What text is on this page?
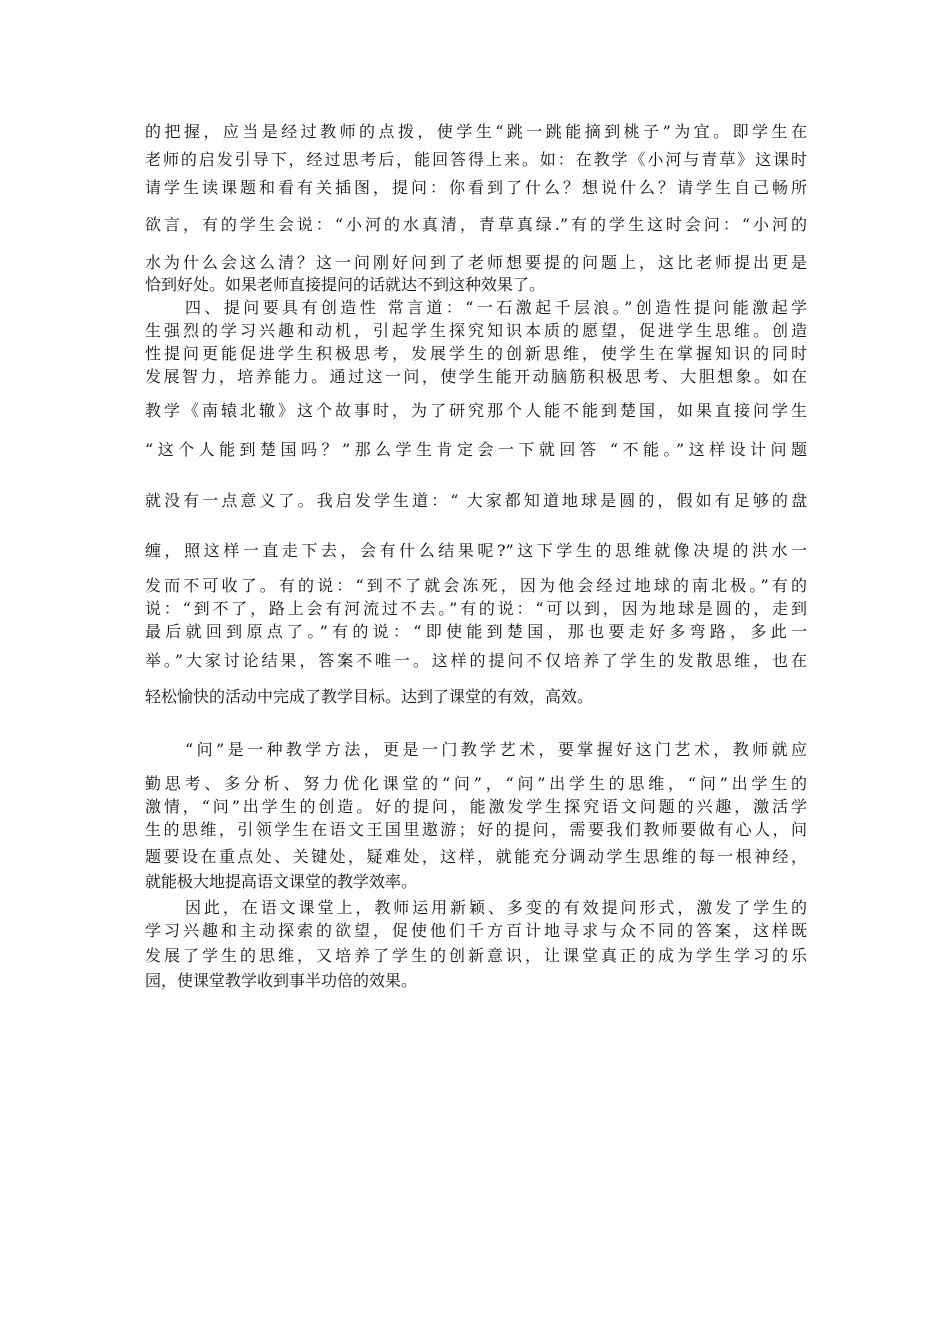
的把握，应当是经过教师的点拨，使学生“跳一跳能摘到桃子”为宜。即学生在

老师的启发引导下，经过思考后，能回答得上来。如：在教学《小河与青草》这课时

请学生读课题和看有关插图，提问：你看到了什么？想说什么？请学生自己畅所

欲言，有的学生会说：“小河的水真清，青草真绿.”有的学生这时会问：“小河的

水为什么会这么清？这一问刚好问到了老师想要提的问题上，这比老师提出更是

恰到好处。如果老师直接提问的话就达不到这种效果了。

四、提问要具有创造性 常言道：“一石激起千层浪。”创造性提问能激起学

生强烈的学习兴趣和动机，引起学生探究知识本质的愿望，促进学生思维。创造

性提问更能促进学生积极思考，发展学生的创新思维，使学生在掌握知识的同时

发展智力，培养能力。通过这一问，使学生能开动脑筋积极思考、大胆想象。如在

教学《南辕北辙》这个故事时，为了研究那个人能不能到楚国，如果直接问学生

“这个人能到楚国吗？”那么学生肯定会一下就回答 “不能。”这样设计问题

就没有一点意义了。我启发学生道：“ 大家都知道地球是圆的，假如有足够的盘

缠，照这样一直走下去，会有什么结果呢?”这下学生的思维就像决堤的洪水一

发而不可收了。有的说：“到不了就会冻死，因为他会经过地球的南北极。”有的

说：“到不了，路上会有河流过不去。”有的说：“可以到，因为地球是圆的，走到

最后就回到原点了。”有的说：“即使能到楚国，那也要走好多弯路，多此一

举。”大家讨论结果，答案不唯一。这样的提问不仅培养了学生的发散思维，也在

轻松愉快的活动中完成了教学目标。达到了课堂的有效，高效。

“问”是一种教学方法，更是一门教学艺术，要掌握好这门艺术，教师就应

勤思考、多分析、努力优化课堂的“问”，“问”出学生的思维，“问”出学生的

激情，“问”出学生的创造。好的提问，能激发学生探究语文问题的兴趣，激活学

生的思维，引领学生在语文王国里遨游；好的提问，需要我们教师要做有心人，问

题要设在重点处、关键处，疑难处，这样，就能充分调动学生思维的每一根神经，

就能极大地提高语文课堂的教学效率。

因此，在语文课堂上，教师运用新颖、多变的有效提问形式，激发了学生的

学习兴趣和主动探索的欲望，促使他们千方百计地寻求与众不同的答案，这样既

发展了学生的思维，又培养了学生的创新意识，让课堂真正的成为学生学习的乐

园，使课堂教学收到事半功倍的效果。
